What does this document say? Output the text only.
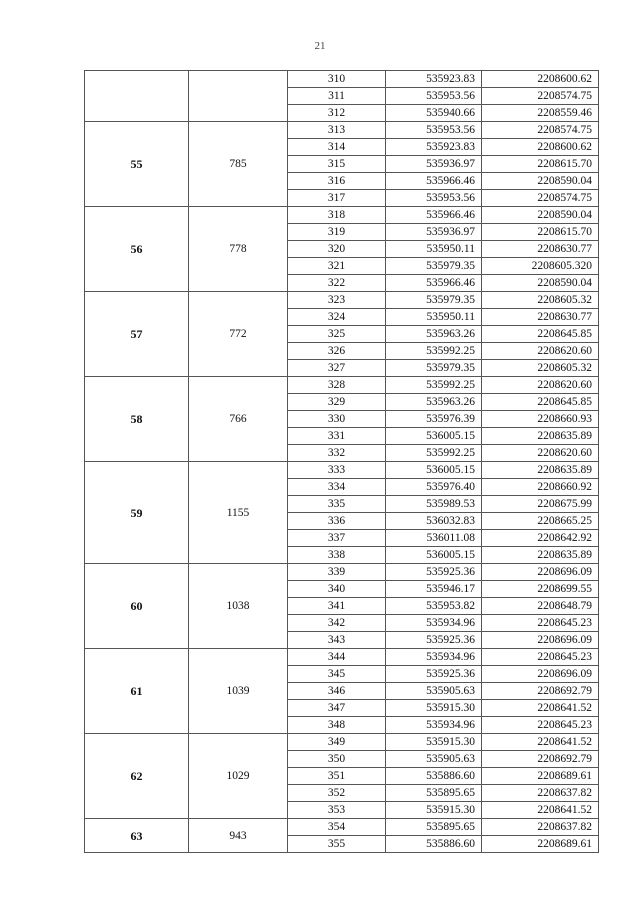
21
		310	535923.83	2208600.62
		311	535953.56	2208574.75
		312	535940.66	2208559.46
55	785	313	535953.56	2208574.75
		314	535923.83	2208600.62
		315	535936.97	2208615.70
		316	535966.46	2208590.04
		317	535953.56	2208574.75
56	778	318	535966.46	2208590.04
		319	535936.97	2208615.70
		320	535950.11	2208630.77
		321	535979.35	2208605.320
		322	535966.46	2208590.04
57	772	323	535979.35	2208605.32
		324	535950.11	2208630.77
		325	535963.26	2208645.85
		326	535992.25	2208620.60
		327	535979.35	2208605.32
58	766	328	535992.25	2208620.60
		329	535963.26	2208645.85
		330	535976.39	2208660.93
		331	536005.15	2208635.89
		332	535992.25	2208620.60
59	1155	333	536005.15	2208635.89
		334	535976.40	2208660.92
		335	535989.53	2208675.99
		336	536032.83	2208665.25
		337	536011.08	2208642.92
		338	536005.15	2208635.89
60	1038	339	535925.36	2208696.09
		340	535946.17	2208699.55
		341	535953.82	2208648.79
		342	535934.96	2208645.23
		343	535925.36	2208696.09
61	1039	344	535934.96	2208645.23
		345	535925.36	2208696.09
		346	535905.63	2208692.79
		347	535915.30	2208641.52
		348	535934.96	2208645.23
62	1029	349	535915.30	2208641.52
		350	535905.63	2208692.79
		351	535886.60	2208689.61
		352	535895.65	2208637.82
		353	535915.30	2208641.52
63	943	354	535895.65	2208637.82
		355	535886.60	2208689.61
